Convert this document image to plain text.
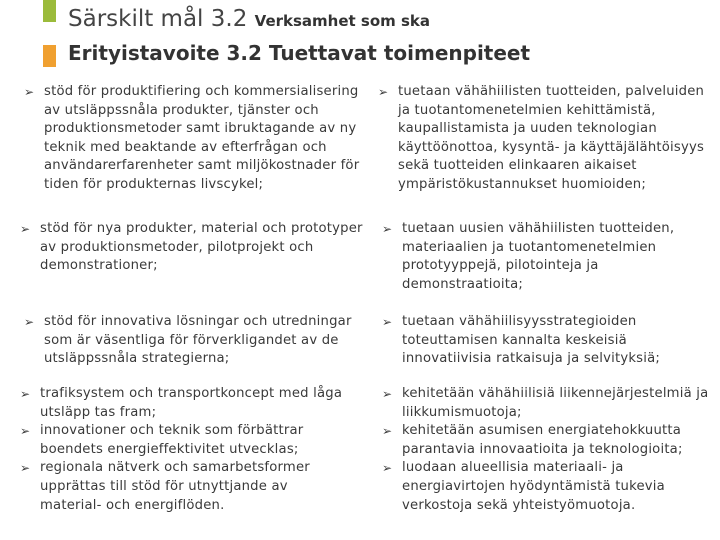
Särskilt mål 3.2 Verksamhet som ska
Erityistavoite 3.2 Tuettavat toimenpiteet
➢ stöd för produktifiering och kommersialisering av utsläppssnåla produkter, tjänster och produktionsmetoder samt ibruktagande av ny teknik med beaktande av efterfrågan och användarerfarenheter samt miljökostnader för tiden för produkternas livscykel;
➢ tuetaan vähähiilisten tuotteiden, palveluiden ja tuotantomenetelmien kehittämistä, kaupallistamista ja uuden teknologian käyttöönottoa, kysyntä- ja käyttäjälähtöisyys sekä tuotteiden elinkaaren aikaiset ympäristökustannukset huomioiden;
➢ stöd för nya produkter, material och prototyper av produktionsmetoder, pilotprojekt och demonstrationer;
➢ tuetaan uusien vähähiilisten tuotteiden, materiaalien ja tuotantomenetelmien prototyyppejä, pilotointeja ja demonstraatioita;
➢ stöd för innovativa lösningar och utredningar som är väsentliga för förverkligandet av de utsläppssnåla strategierna;
➢ tuetaan vähähiilisyysstrategioiden toteuttamisen kannalta keskeisiä innovatiivisia ratkaisuja ja selvityksiä;
➢ trafiksystem och transportkoncept med låga utsläpp tas fram;
➢ innovationer och teknik som förbättrar boendets energieffektivitet utvecklas;
➢ regionala nätverk och samarbetsformer upprättas till stöd för utnyttjande av material- och energiflöden.
➢ kehitetään vähähiilisiä liikennejärjestelmiä ja liikkumismuotoja;
➢ kehitetään asumisen energiatehokkuutta parantavia innovaatioita ja teknologioita;
➢ luodaan alueellisia materiaali- ja energiavirtojen hyödyntämistä tukevia verkostoja sekä yhteistyömuotoja.
